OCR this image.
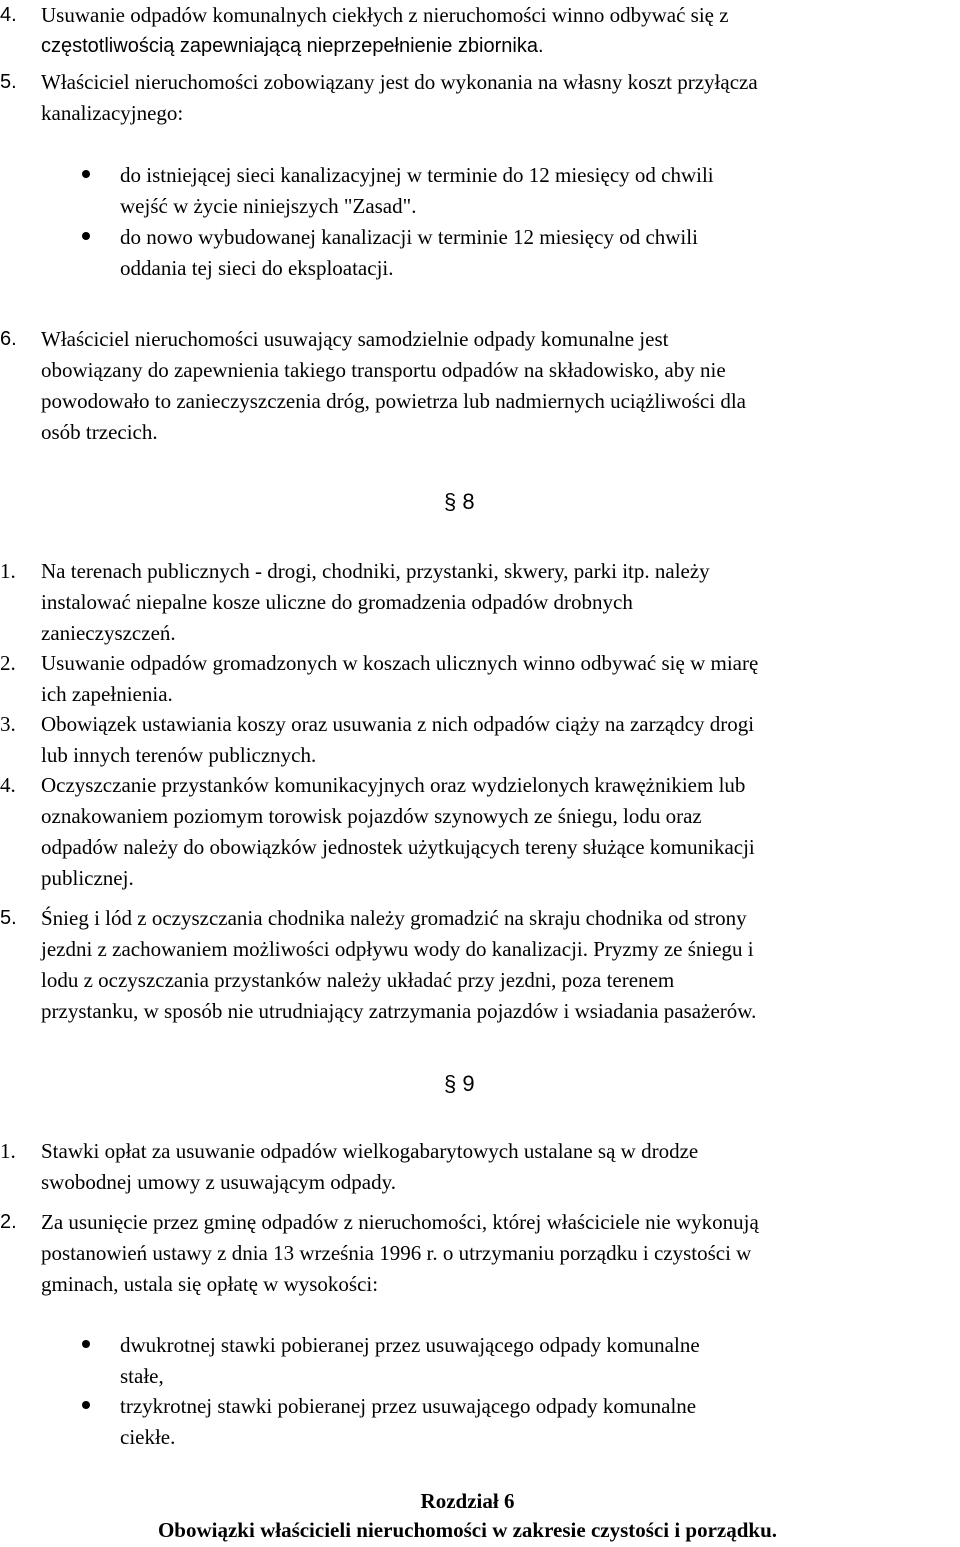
4. Usuwanie odpadów komunalnych ciekłych z nieruchomości winno odbywać się z
częstotliwością zapewniającą nieprzepełnienie zbiornika.
5. Właściciel nieruchomości zobowiązany jest do wykonania na własny koszt przyłącza
kanalizacyjnego:
do istniejącej sieci kanalizacyjnej w terminie do 12 miesięcy od chwili
wejść w życie niniejszych "Zasad".
do nowo wybudowanej kanalizacji w terminie 12 miesięcy od chwili
oddania tej sieci do eksploatacji.
6. Właściciel nieruchomości usuwający samodzielnie odpady komunalne jest
obowiązany do zapewnienia takiego transportu odpadów na składowisko, aby nie
powodowało to zanieczyszczenia dróg, powietrza lub nadmiernych uciążliwości dla
osób trzecich.
§ 8
1. Na terenach publicznych - drogi, chodniki, przystanki, skwery, parki itp. należy
instalować niepalne kosze uliczne do gromadzenia odpadów drobnych
zanieczyszczeń.
2. Usuwanie odpadów gromadzonych w koszach ulicznych winno odbywać się w miarę
ich zapełnienia.
3. Obowiązek ustawiania koszy oraz usuwania z nich odpadów ciąży na zarządcy drogi
lub innych terenów publicznych.
4. Oczyszczanie przystanków komunikacyjnych oraz wydzielonych krawężnikiem lub
oznakowaniem poziomym torowisk pojazdów szynowych ze śniegu, lodu oraz
odpadów należy do obowiązków jednostek użytkujących tereny służące komunikacji
publicznej.
5. Śnieg i lód z oczyszczania chodnika należy gromadzić na skraju chodnika od strony
jezdni z zachowaniem możliwości odpływu wody do kanalizacji. Pryzmy ze śniegu i
lodu z oczyszczania przystanków należy układać przy jezdni, poza terenem
przystanku, w sposób nie utrudniający zatrzymania pojazdów i wsiadania pasażerów.
§ 9
1. Stawki opłat za usuwanie odpadów wielkogabarytowych ustalane są w drodze
swobodnej umowy z usuwającym odpady.
2. Za usunięcie przez gminę odpadów z nieruchomości, której właściciele nie wykonują
postanowień ustawy z dnia 13 września 1996 r. o utrzymaniu porządku i czystości w
gminach, ustala się opłatę w wysokości:
dwukrotnej stawki pobieranej przez usuwającego odpady komunalne
stałe,
trzykrotnej stawki pobieranej przez usuwającego odpady komunalne
ciekłe.
Rozdział 6
Obowiązki właścicieli nieruchomości w zakresie czystości i porządku.
